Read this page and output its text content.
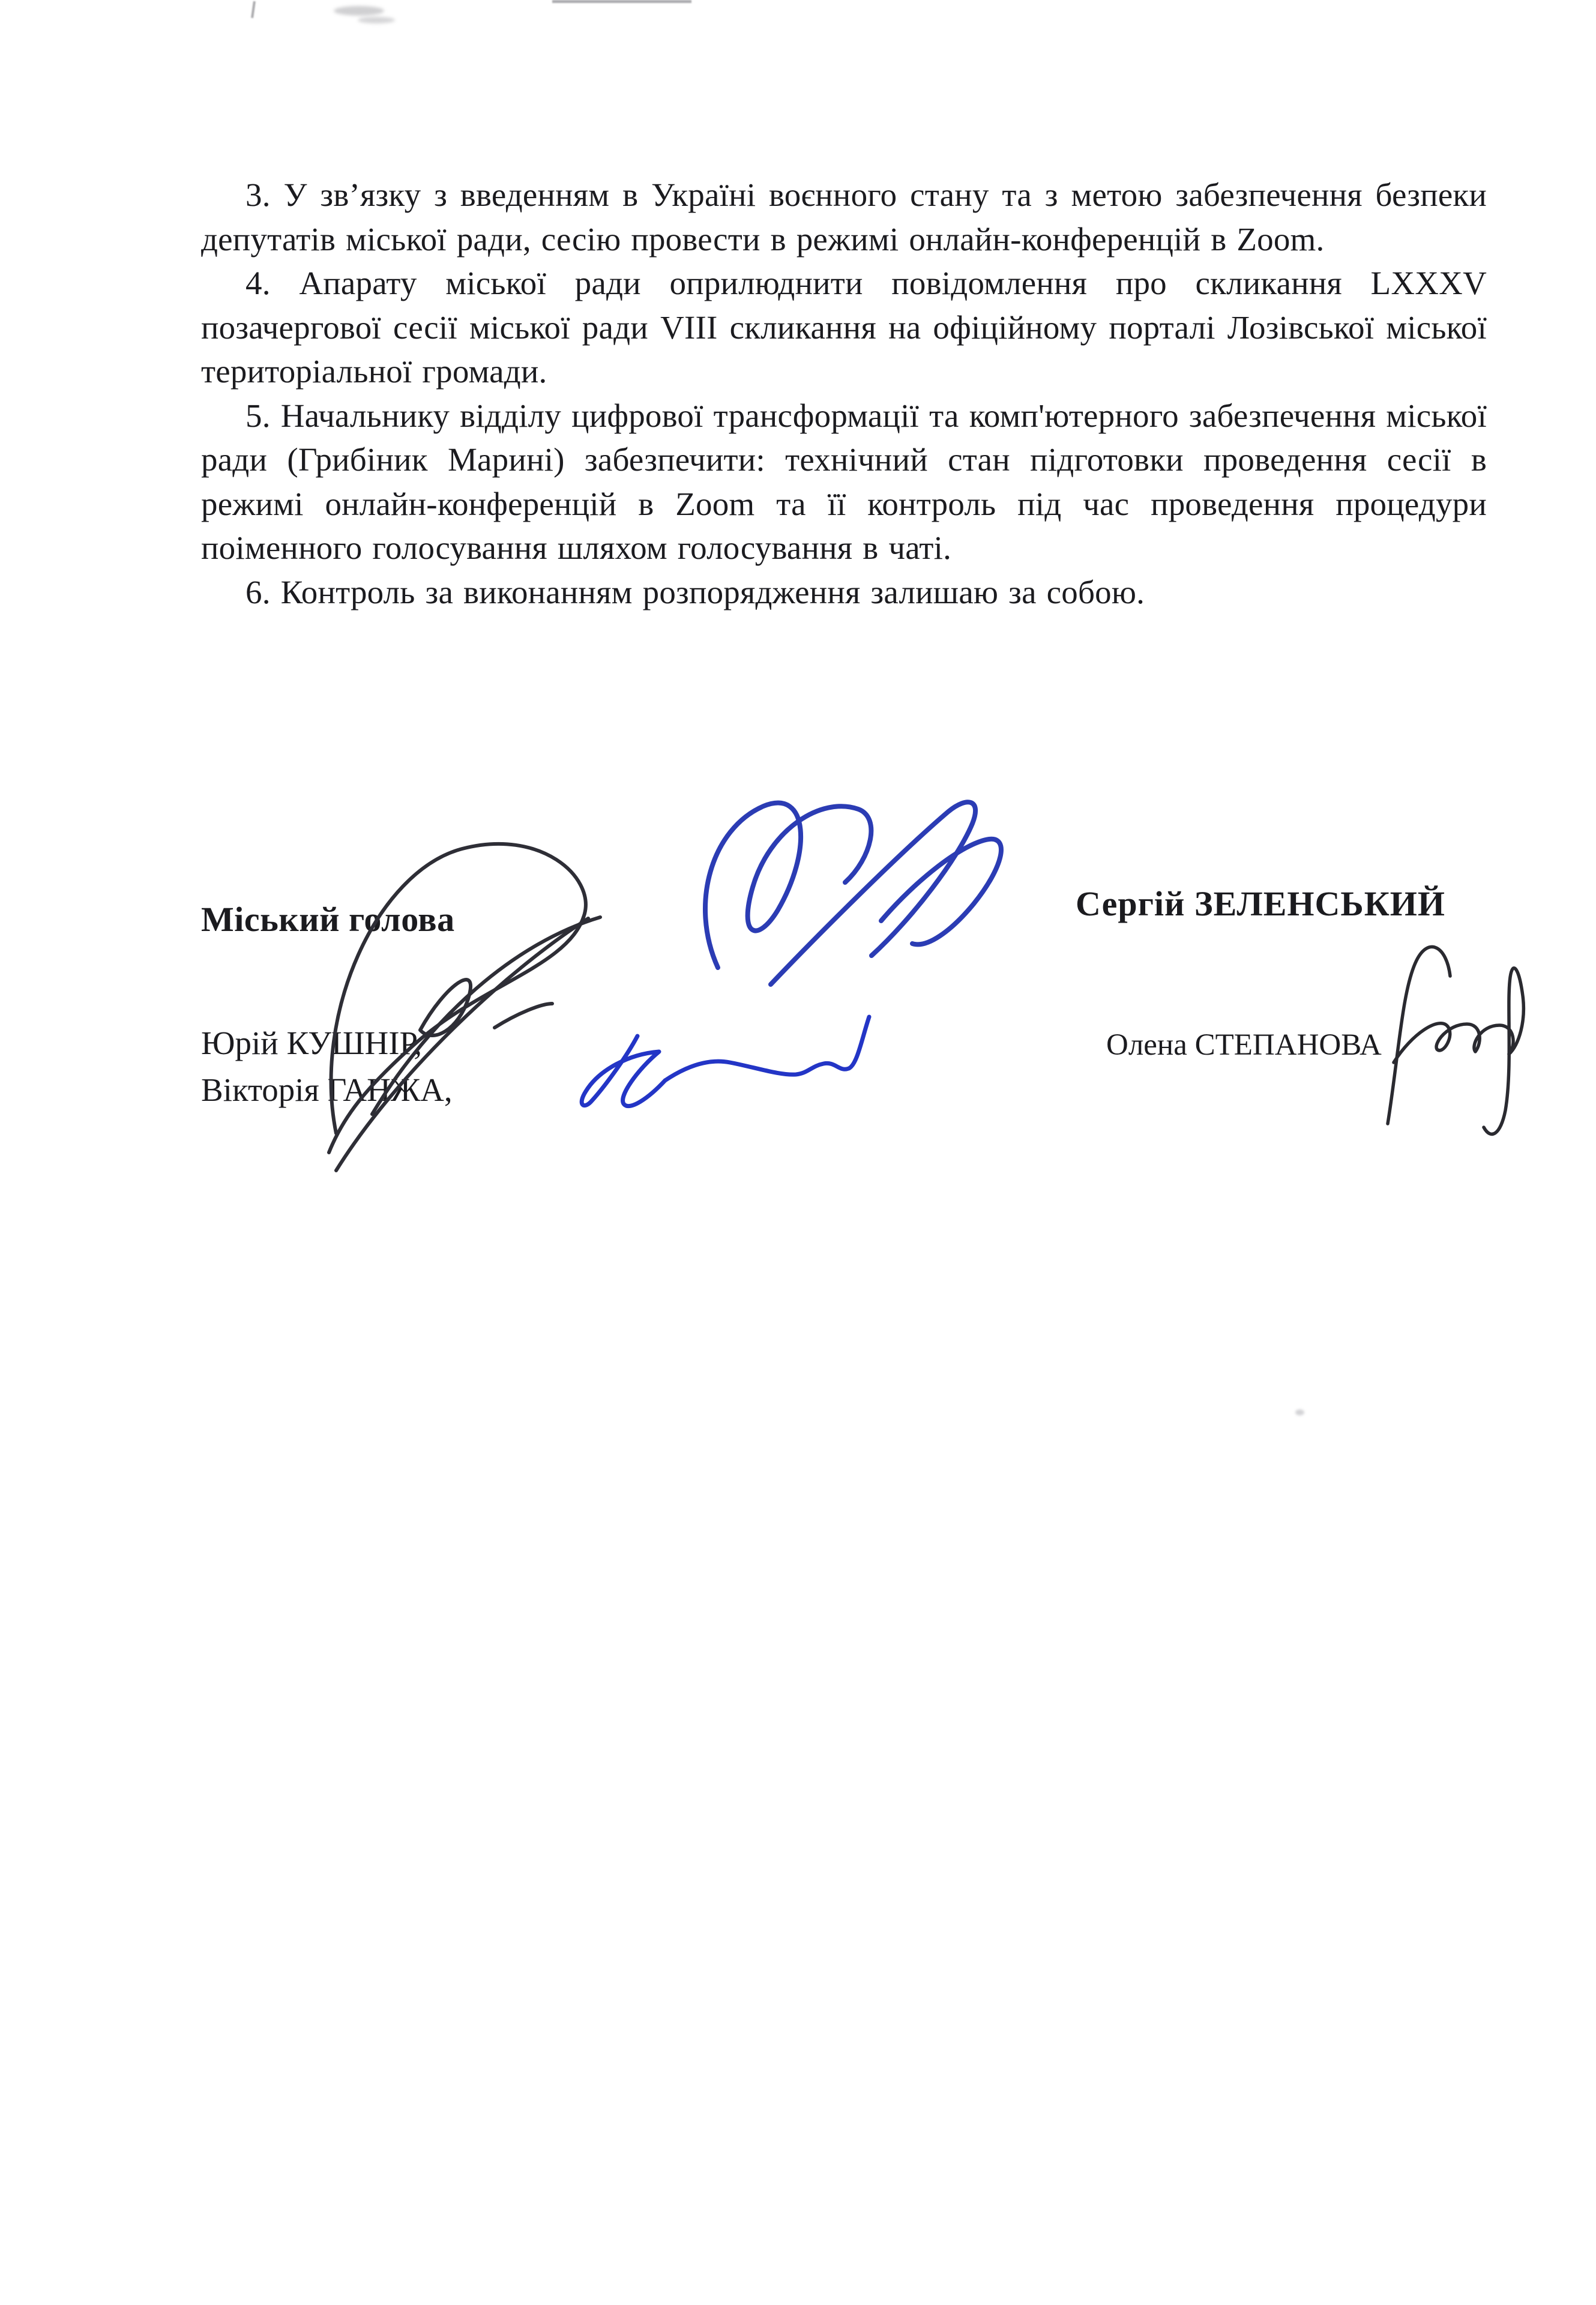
3. У зв’язку з введенням в Україні воєнного стану та з метою забезпечення безпеки депутатів міської ради, сесію провести в режимі онлайн-конференцій в Zoom.

4. Апарату міської ради оприлюднити повідомлення про скликання LXXXV позачергової сесії міської ради VIII скликання на офіційному порталі Лозівської міської територіальної громади.

5. Начальнику відділу цифрової трансформації та комп'ютерного забезпечення міської ради (Грибіник Марині) забезпечити: технічний стан підготовки проведення сесії в режимі онлайн-конференцій в Zoom та її контроль під час проведення процедури поіменного голосування шляхом голосування в чаті.

6. Контроль за виконанням розпорядження залишаю за собою.

Міський голова	Сергій ЗЕЛЕНСЬКИЙ
Юрій КУШНІР,
Вікторія ГАНЖА,
Олена СТЕПАНОВА
